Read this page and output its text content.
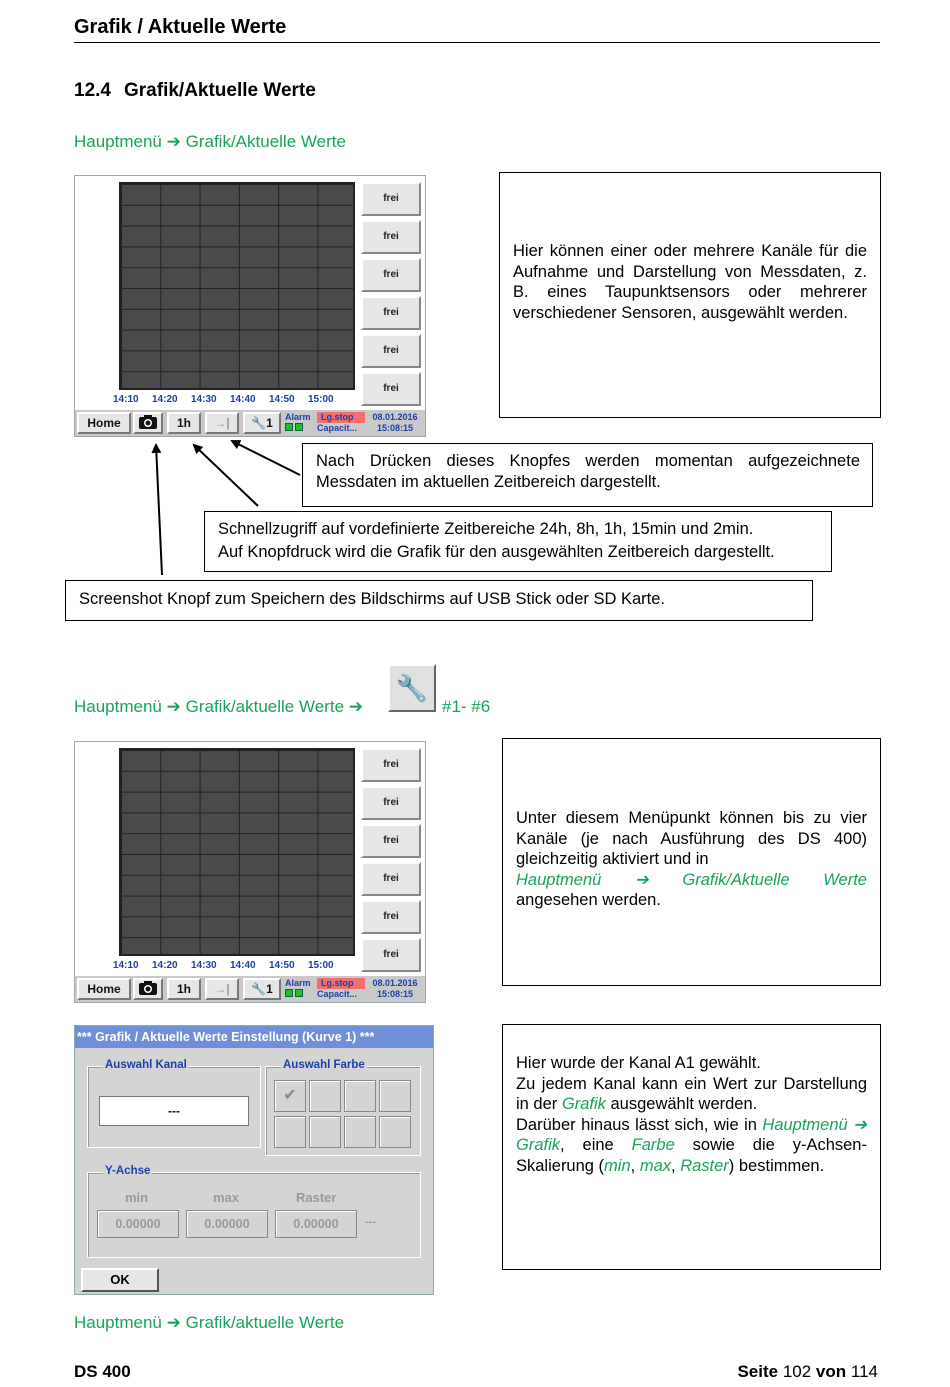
Grafik / Aktuelle Werte
12.4 Grafik/Aktuelle Werte
Hauptmenü ➔ Grafik/Aktuelle Werte
14:10 14:20 14:30 14:40 14:50 15:00
frei
frei
frei
frei
frei
frei
Home	1h	→|	🔧1	Alarm	Lg.stop
Capacit...
08.01.2016
15:08:15
Hier können einer oder mehrere Kanäle für die Aufnahme und Darstellung von Messdaten, z. B. eines Taupunktsensors oder mehrerer verschiedener Sensoren, ausgewählt werden.
Nach Drücken dieses Knopfes werden momentan aufgezeichnete Messdaten im aktuellen Zeitbereich dargestellt.
Schnellzugriff auf vordefinierte Zeitbereiche 24h, 8h, 1h, 15min und 2min.
Auf Knopfdruck wird die Grafik für den ausgewählten Zeitbereich dargestellt.
Screenshot Knopf zum Speichern des Bildschirms auf USB Stick oder SD Karte.
Hauptmenü ➔ Grafik/aktuelle Werte ➔
🔧
#1- #6
14:10 14:20 14:30 14:40 14:50 15:00
frei
frei
frei
frei
frei
frei
Home	1h	→|	🔧1	Alarm	Lg.stop
Capacit...
08.01.2016
15:08:15
Unter diesem Menüpunkt können bis zu vier Kanäle (je nach Ausführung des DS 400) gleichzeitig aktiviert und in
Hauptmenü ➔ Grafik/Aktuelle Werte
angesehen werden.
*** Grafik / Aktuelle Werte Einstellung (Kurve 1) ***
Auswahl Kanal
---
Auswahl Farbe
✔
Y-Achse
min	max	Raster
0.00000	0.00000	0.00000	---
OK
Hier wurde der Kanal A1 gewählt.
Zu jedem Kanal kann ein Wert zur Darstellung in der Grafik ausgewählt werden.
Darüber hinaus lässt sich, wie in Hauptmenü ➔ Grafik, eine Farbe sowie die y-Achsen-Skalierung (min, max, Raster) bestimmen.
Hauptmenü ➔ Grafik/aktuelle Werte
DS 400	Seite 102 von 114
